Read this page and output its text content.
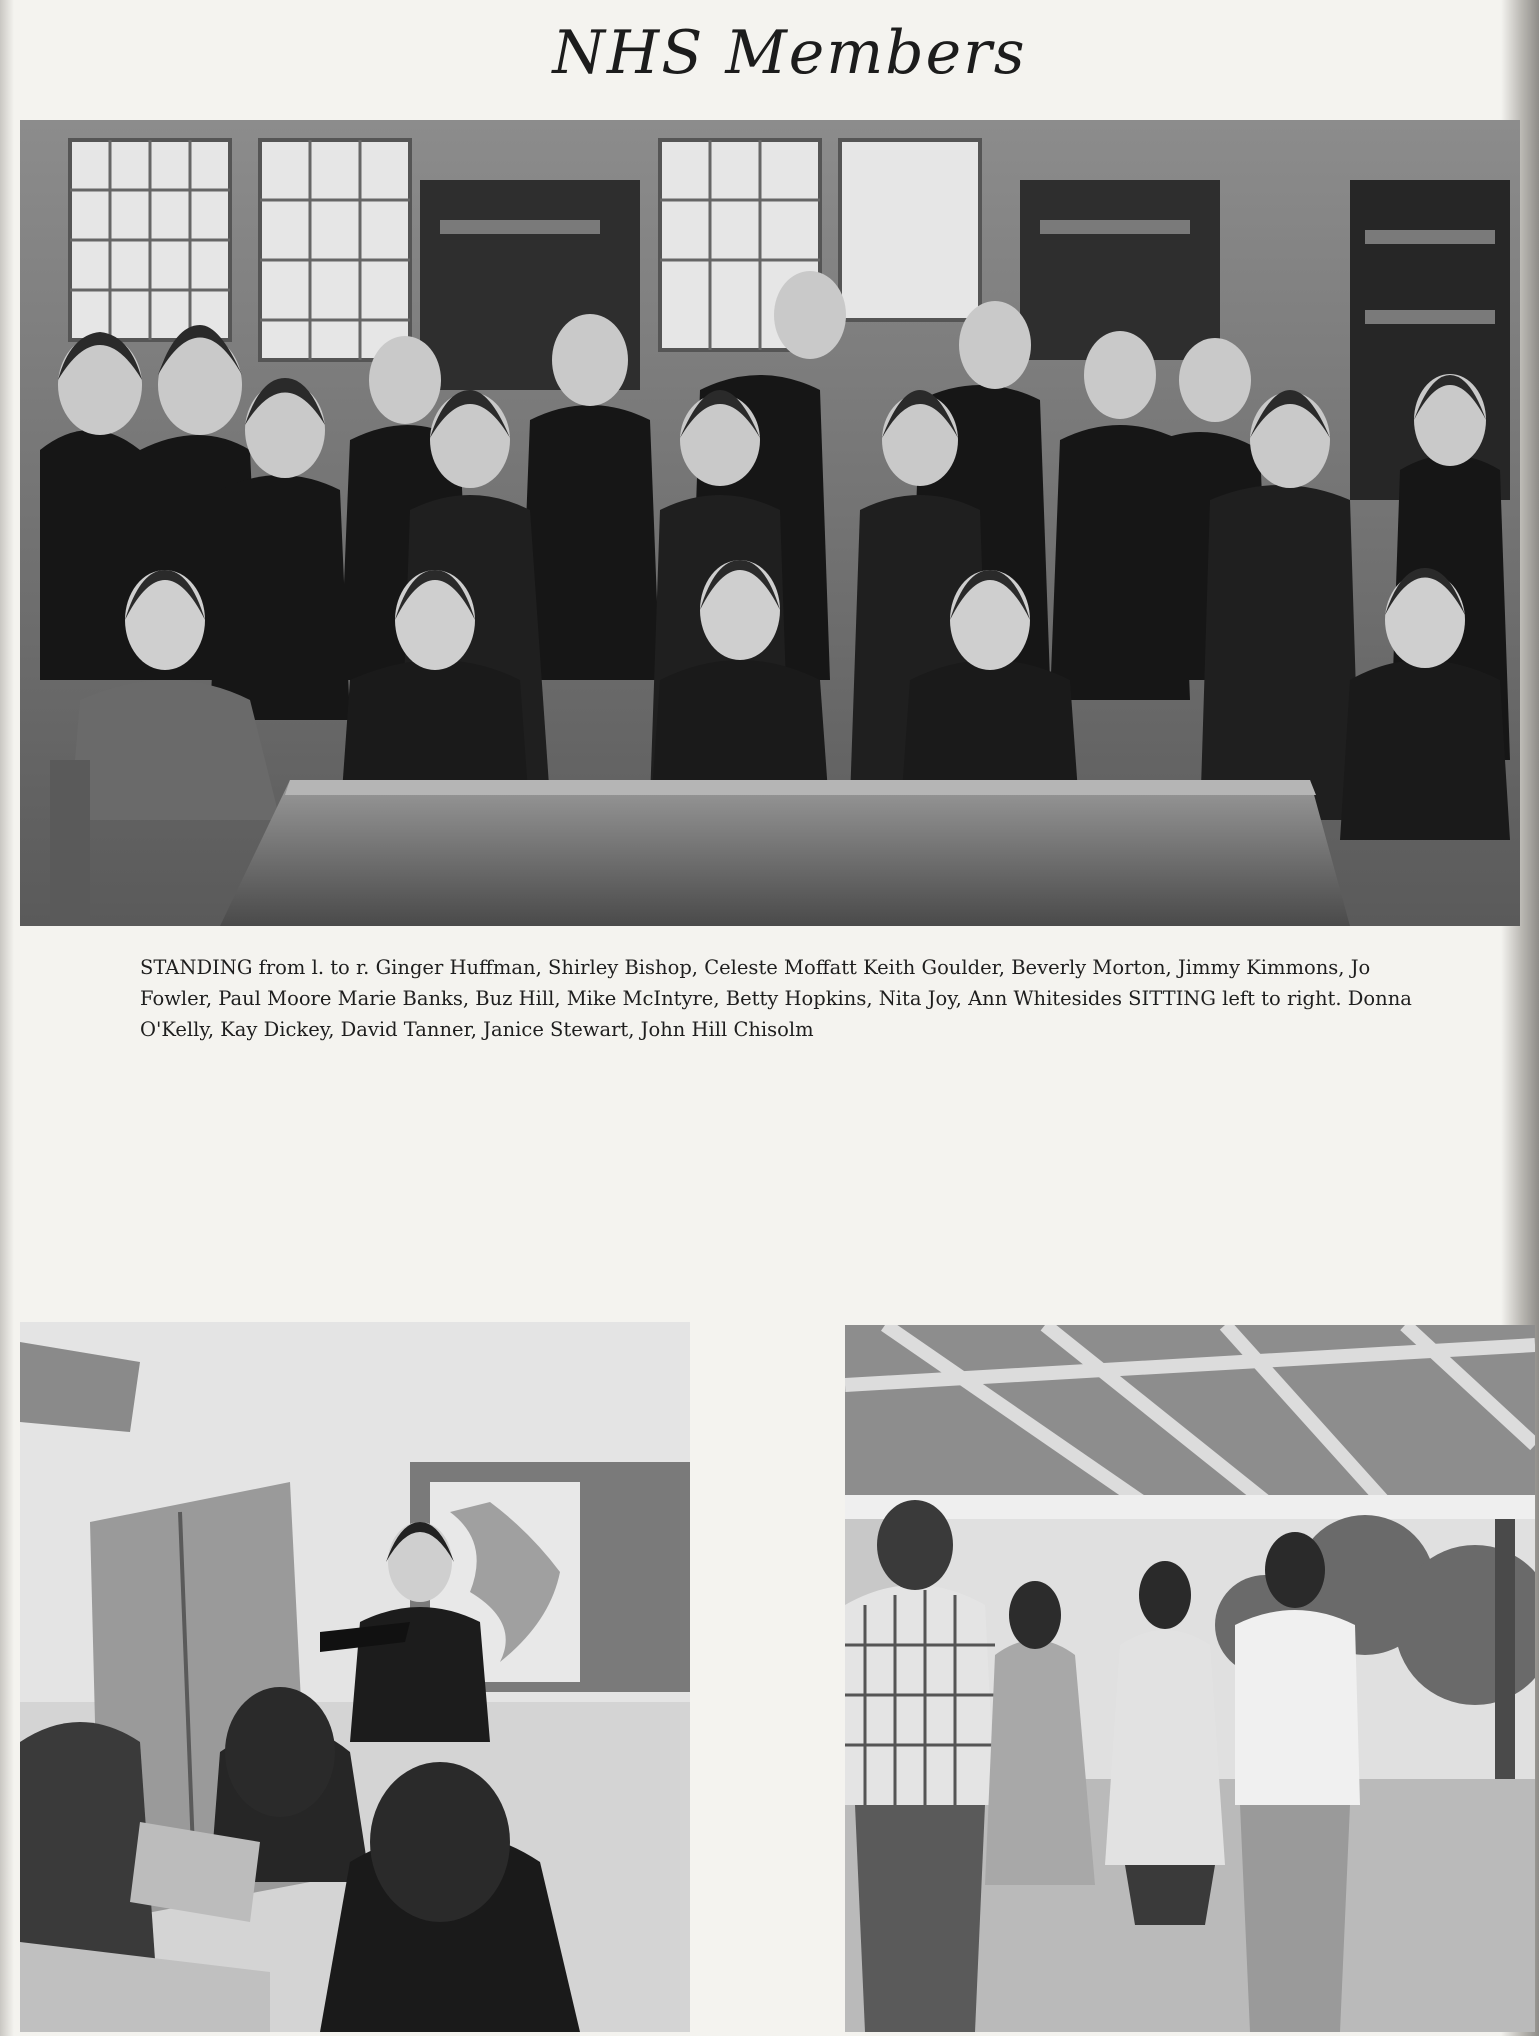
NHS Members

STANDING from l. to r. Ginger Huffman, Shirley Bishop, Celeste Moffatt Keith Goulder, Beverly Morton, Jimmy Kimmons, Jo Fowler, Paul Moore Marie Banks, Buz Hill, Mike McIntyre, Betty Hopkins, Nita Joy, Ann Whitesides SITTING left to right. Donna O'Kelly, Kay Dickey, David Tanner, Janice Stewart, John Hill Chisolm
